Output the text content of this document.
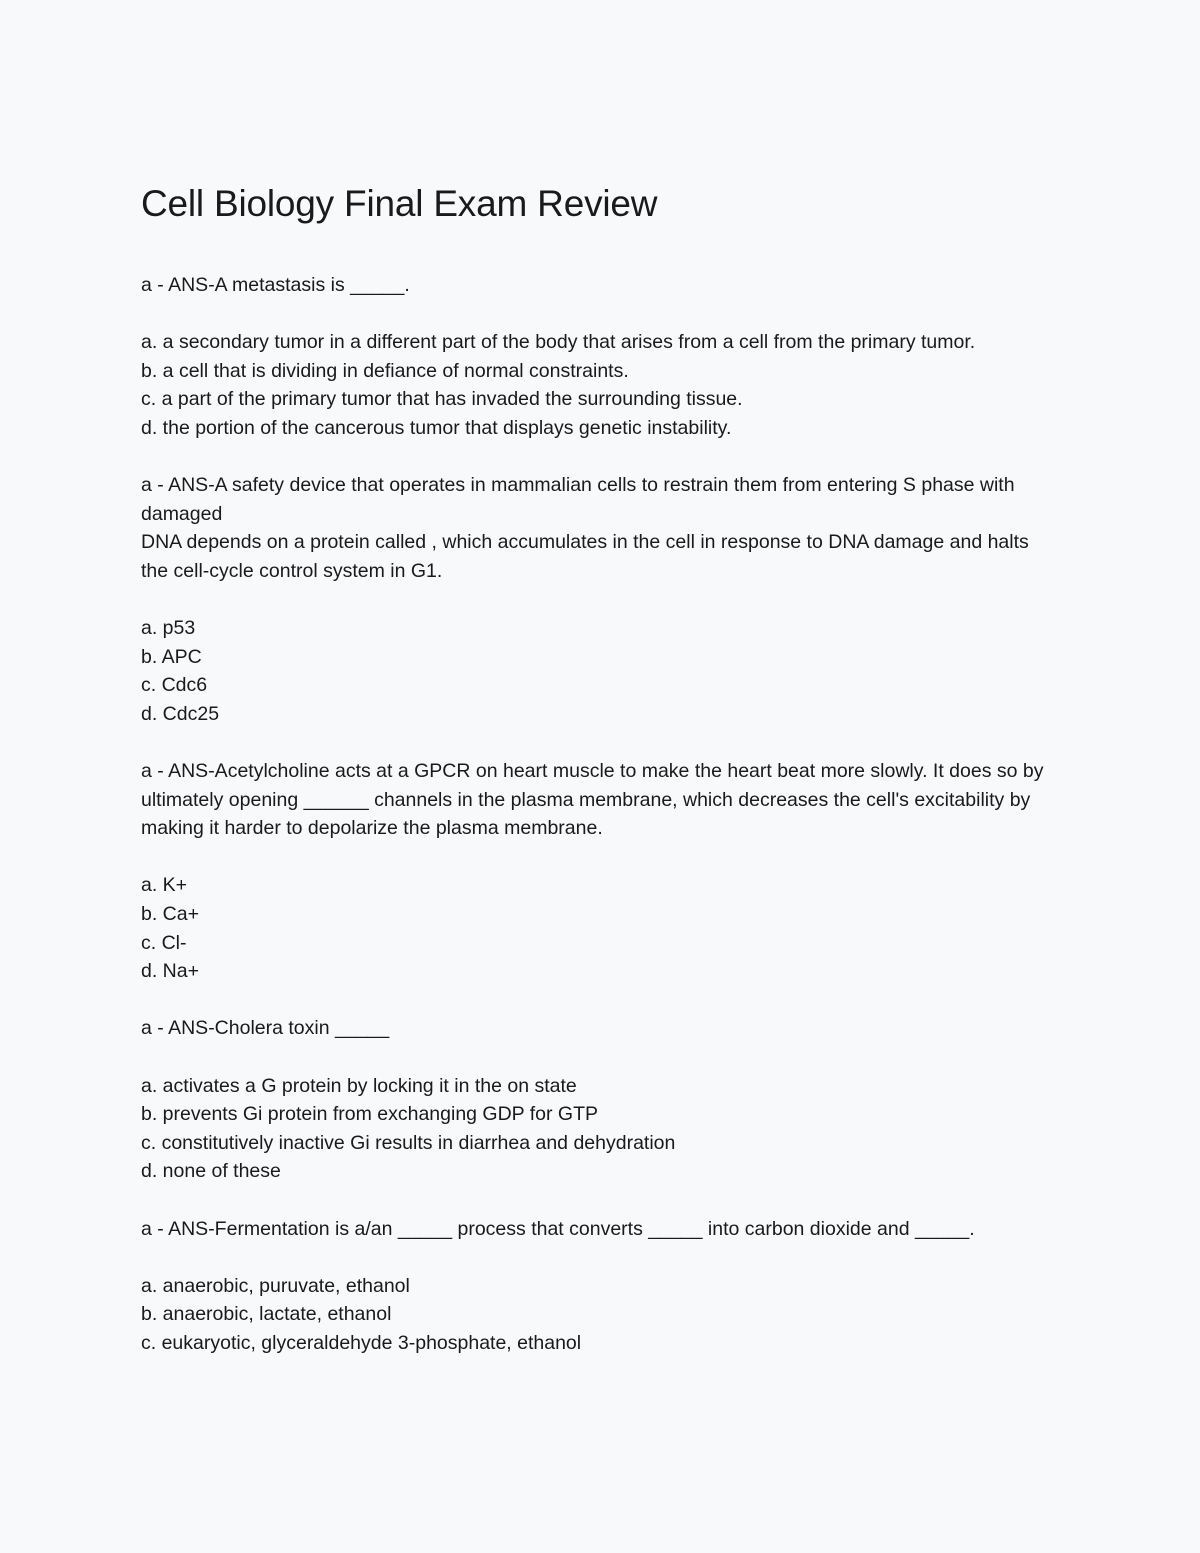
Cell Biology Final Exam Review
a - ANS-A metastasis is _____.
a. a secondary tumor in a different part of the body that arises from a cell from the primary tumor.
b. a cell that is dividing in defiance of normal constraints.
c. a part of the primary tumor that has invaded the surrounding tissue.
d. the portion of the cancerous tumor that displays genetic instability.
a - ANS-A safety device that operates in mammalian cells to restrain them from entering S phase with damaged
DNA depends on a protein called , which accumulates in the cell in response to DNA damage and halts the cell-cycle control system in G1.
a. p53
b. APC
c. Cdc6
d. Cdc25
a - ANS-Acetylcholine acts at a GPCR on heart muscle to make the heart beat more slowly. It does so by ultimately opening ______ channels in the plasma membrane, which decreases the cell's excitability by making it harder to depolarize the plasma membrane.
a. K+
b. Ca+
c. Cl-
d. Na+
a - ANS-Cholera toxin _____
a. activates a G protein by locking it in the on state
b. prevents Gi protein from exchanging GDP for GTP
c. constitutively inactive Gi results in diarrhea and dehydration
d. none of these
a - ANS-Fermentation is a/an _____ process that converts _____ into carbon dioxide and _____.
a. anaerobic, puruvate, ethanol
b. anaerobic, lactate, ethanol
c. eukaryotic, glyceraldehyde 3-phosphate, ethanol
